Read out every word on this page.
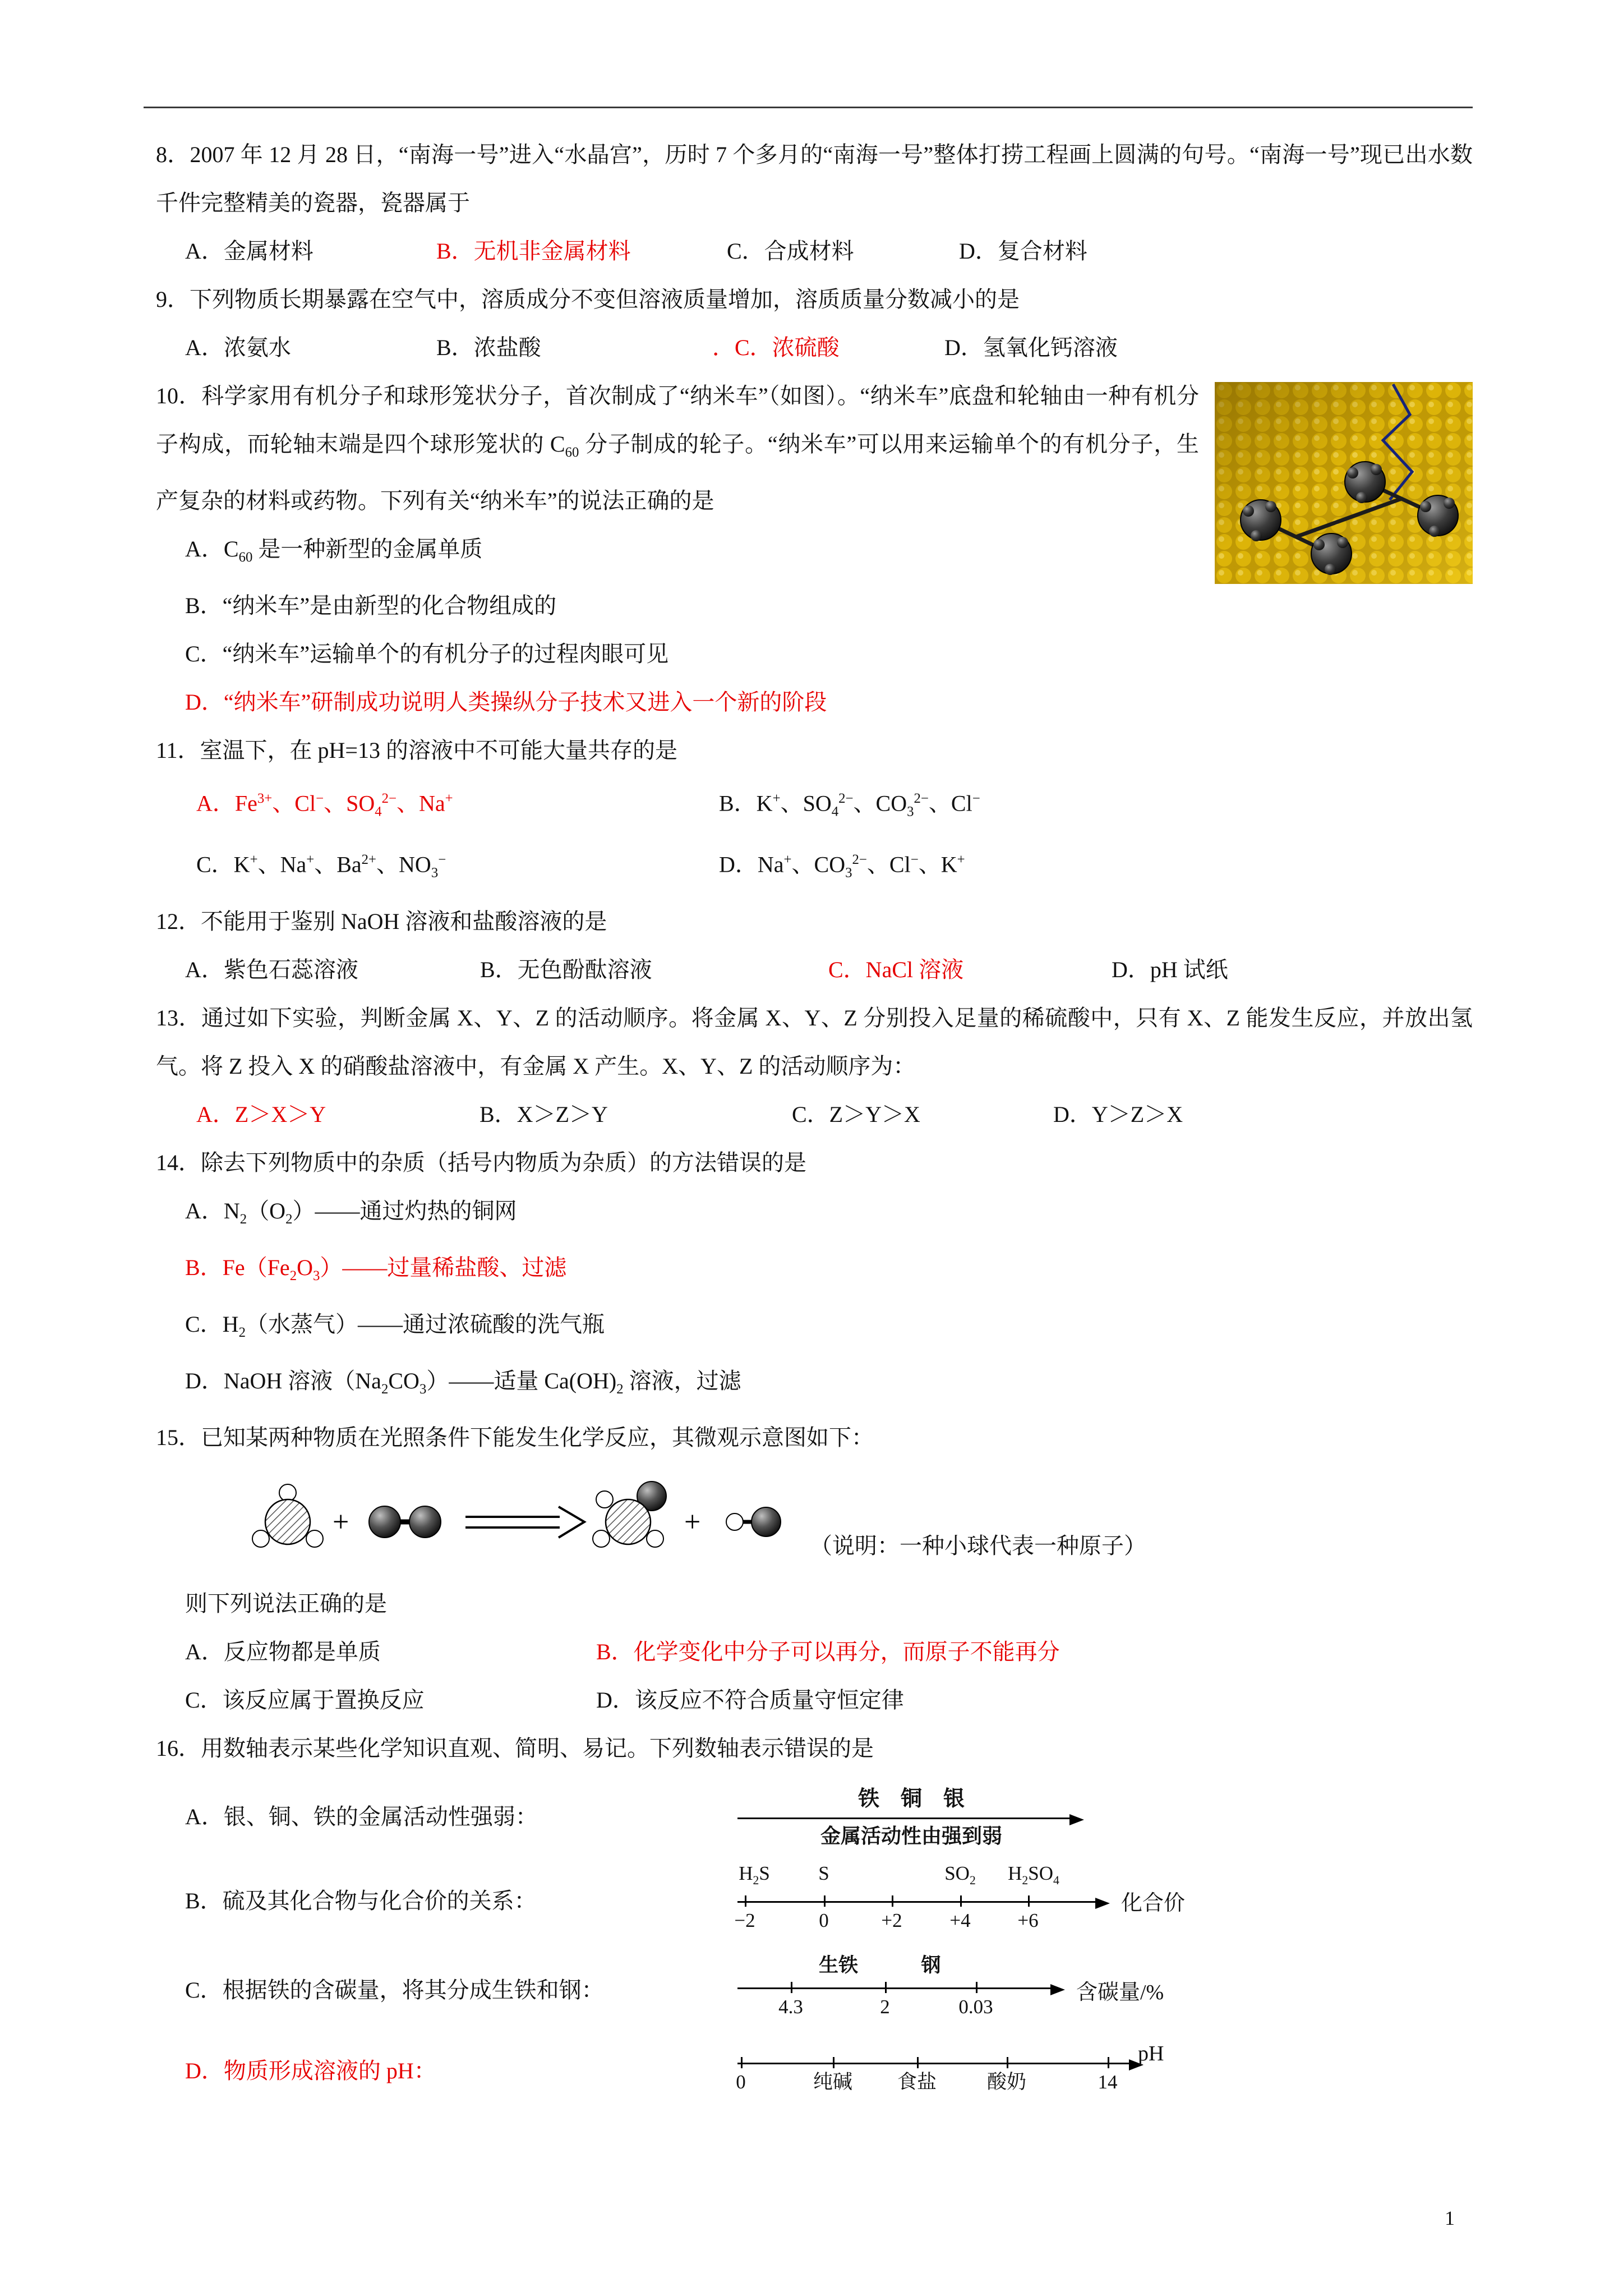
8．2007 年 12 月 28 日，“南海一号”进入“水晶宫”，历时 7 个多月的“南海一号”整体打捞工程画上圆满的句号。“南海一号”现已出水数千件完整精美的瓷器，瓷器属于

A．金属材料	B．无机非金属材料	C．合成材料	D．复合材料

9．下列物质长期暴露在空气中，溶质成分不变但溶液质量增加，溶质质量分数减小的是

A．浓氨水	B．浓盐酸	．C．浓硫酸	D．氢氧化钙溶液

10．科学家用有机分子和球形笼状分子，首次制成了“纳米车”（如图）。“纳米车”底盘和轮轴由一种有机分子构成，而轮轴末端是四个球形笼状的 $C_{60}$ 分子制成的轮子。“纳米车”可以用来运输单个的有机分子，生产复杂的材料或药物。下列有关“纳米车”的说法正确的是

A．$C_{60}$ 是一种新型的金属单质

B．“纳米车”是由新型的化合物组成的

C．“纳米车”运输单个的有机分子的过程肉眼可见

D．“纳米车”研制成功说明人类操纵分子技术又进入一个新的阶段

11．室温下，在 pH=13 的溶液中不可能大量共存的是

A．$Fe^{3+}$、Cl−、$SO_4^{2-}$、Na+	B．K+、$SO_4^{2-}$、$CO_3^{2-}$、Cl−
C．K+、Na+、$Ba^{2+}$、$NO_3^-$	D．Na+、$CO_3^{2-}$、Cl−、K+

12．不能用于鉴别 NaOH 溶液和盐酸溶液的是

A．紫色石蕊溶液	B．无色酚酞溶液	C．NaCl 溶液	D．pH 试纸

13．通过如下实验，判断金属 X、Y、Z 的活动顺序。将金属 X、Y、Z 分别投入足量的稀硫酸中，只有 X、Z 能发生反应，并放出氢气。将 Z 投入 X 的硝酸盐溶液中，有金属 X 产生。X、Y、Z 的活动顺序为：

A．Z＞X＞Y	B．X＞Z＞Y	C．Z＞Y＞X	D．Y＞Z＞X

14．除去下列物质中的杂质（括号内物质为杂质）的方法错误的是

A．$N_2(O_2)——$通过灼热的铜网

B．$Fe(Fe_2O_3)——$过量稀盐酸、过滤

C．$H_2$（水蒸气）——通过浓硫酸的洗气瓶

D．NaOH 溶液$(Na_2CO_3)——$适量 $Ca(OH)_2$ 溶液，过滤

15．已知某两种物质在光照条件下能发生化学反应，其微观示意图如下：

+	+

（说明：一种小球代表一种原子）

则下列说法正确的是

A．反应物都是单质	B．化学变化中分子可以再分，而原子不能再分
C．该反应属于置换反应	D．该反应不符合质量守恒定律

16．用数轴表示某些化学知识直观、简明、易记。下列数轴表示错误的是

A．银、铜、铁的金属活动性强弱：
铁　铜　银
金属活动性由强到弱
B．硫及其化合物与化合价的关系：
$H_2S$ S	$SO_2$ $H_2SO_4$
−2	0	+2 +4 +6
化合价
C．根据铁的含碳量，将其分成生铁和钢：
生铁	钢
4.3	2	0.03
含碳量/%
D．物质形成溶液的 pH：	0	纯碱 食盐	酸奶	14
pH
1
